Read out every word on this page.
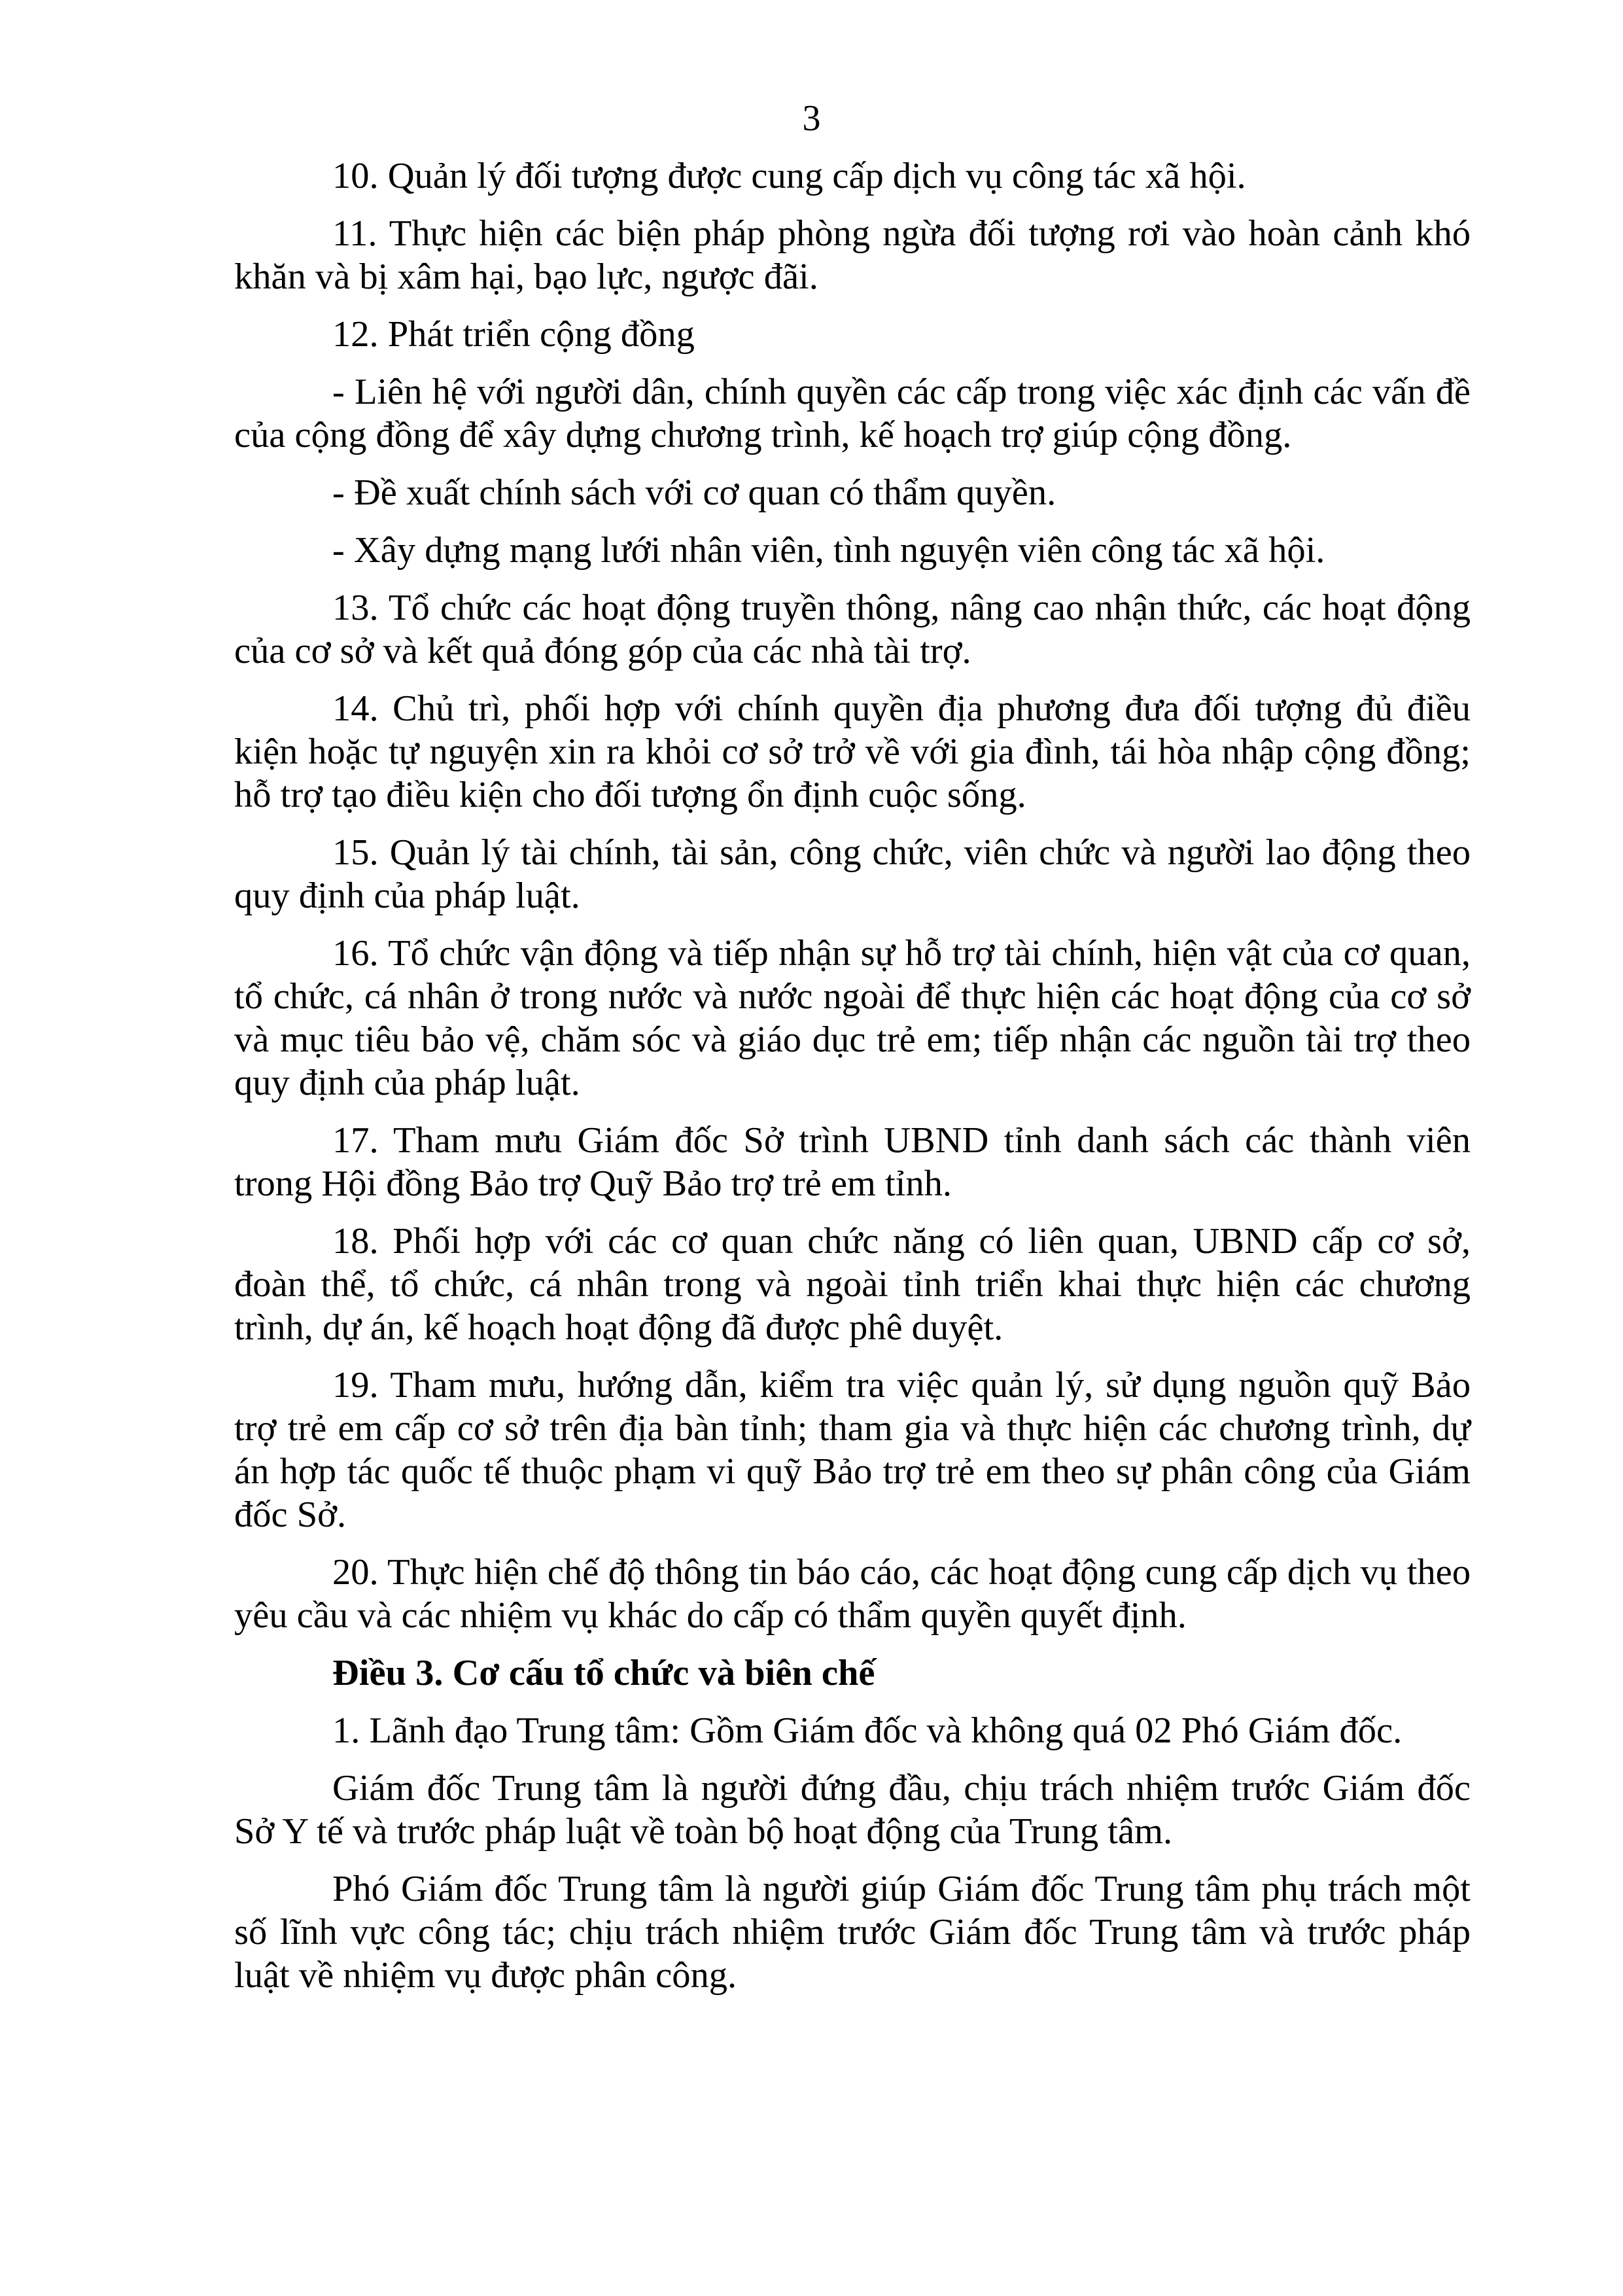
3

10. Quản lý đối tượng được cung cấp dịch vụ công tác xã hội.

11. Thực hiện các biện pháp phòng ngừa đối tượng rơi vào hoàn cảnh khó khăn và bị xâm hại, bạo lực, ngược đãi.

12. Phát triển cộng đồng

- Liên hệ với người dân, chính quyền các cấp trong việc xác định các vấn đề của cộng đồng để xây dựng chương trình, kế hoạch trợ giúp cộng đồng.

- Đề xuất chính sách với cơ quan có thẩm quyền.

- Xây dựng mạng lưới nhân viên, tình nguyện viên công tác xã hội.

13. Tổ chức các hoạt động truyền thông, nâng cao nhận thức, các hoạt động của cơ sở và kết quả đóng góp của các nhà tài trợ.

14. Chủ trì, phối hợp với chính quyền địa phương đưa đối tượng đủ điều kiện hoặc tự nguyện xin ra khỏi cơ sở trở về với gia đình, tái hòa nhập cộng đồng; hỗ trợ tạo điều kiện cho đối tượng ổn định cuộc sống.

15. Quản lý tài chính, tài sản, công chức, viên chức và người lao động theo quy định của pháp luật.

16. Tổ chức vận động và tiếp nhận sự hỗ trợ tài chính, hiện vật của cơ quan, tổ chức, cá nhân ở trong nước và nước ngoài để thực hiện các hoạt động của cơ sở và mục tiêu bảo vệ, chăm sóc và giáo dục trẻ em; tiếp nhận các nguồn tài trợ theo quy định của pháp luật.

17. Tham mưu Giám đốc Sở trình UBND tỉnh danh sách các thành viên trong Hội đồng Bảo trợ Quỹ Bảo trợ trẻ em tỉnh.

18. Phối hợp với các cơ quan chức năng có liên quan, UBND cấp cơ sở, đoàn thể, tổ chức, cá nhân trong và ngoài tỉnh triển khai thực hiện các chương trình, dự án, kế hoạch hoạt động đã được phê duyệt.

19. Tham mưu, hướng dẫn, kiểm tra việc quản lý, sử dụng nguồn quỹ Bảo trợ trẻ em cấp cơ sở trên địa bàn tỉnh; tham gia và thực hiện các chương trình, dự án hợp tác quốc tế thuộc phạm vi quỹ Bảo trợ trẻ em theo sự phân công của Giám đốc Sở.

20. Thực hiện chế độ thông tin báo cáo, các hoạt động cung cấp dịch vụ theo yêu cầu và các nhiệm vụ khác do cấp có thẩm quyền quyết định.

Điều 3. Cơ cấu tổ chức và biên chế

1. Lãnh đạo Trung tâm: Gồm Giám đốc và không quá 02 Phó Giám đốc.

Giám đốc Trung tâm là người đứng đầu, chịu trách nhiệm trước Giám đốc Sở Y tế và trước pháp luật về toàn bộ hoạt động của Trung tâm.

Phó Giám đốc Trung tâm là người giúp Giám đốc Trung tâm phụ trách một số lĩnh vực công tác; chịu trách nhiệm trước Giám đốc Trung tâm và trước pháp luật về nhiệm vụ được phân công.
